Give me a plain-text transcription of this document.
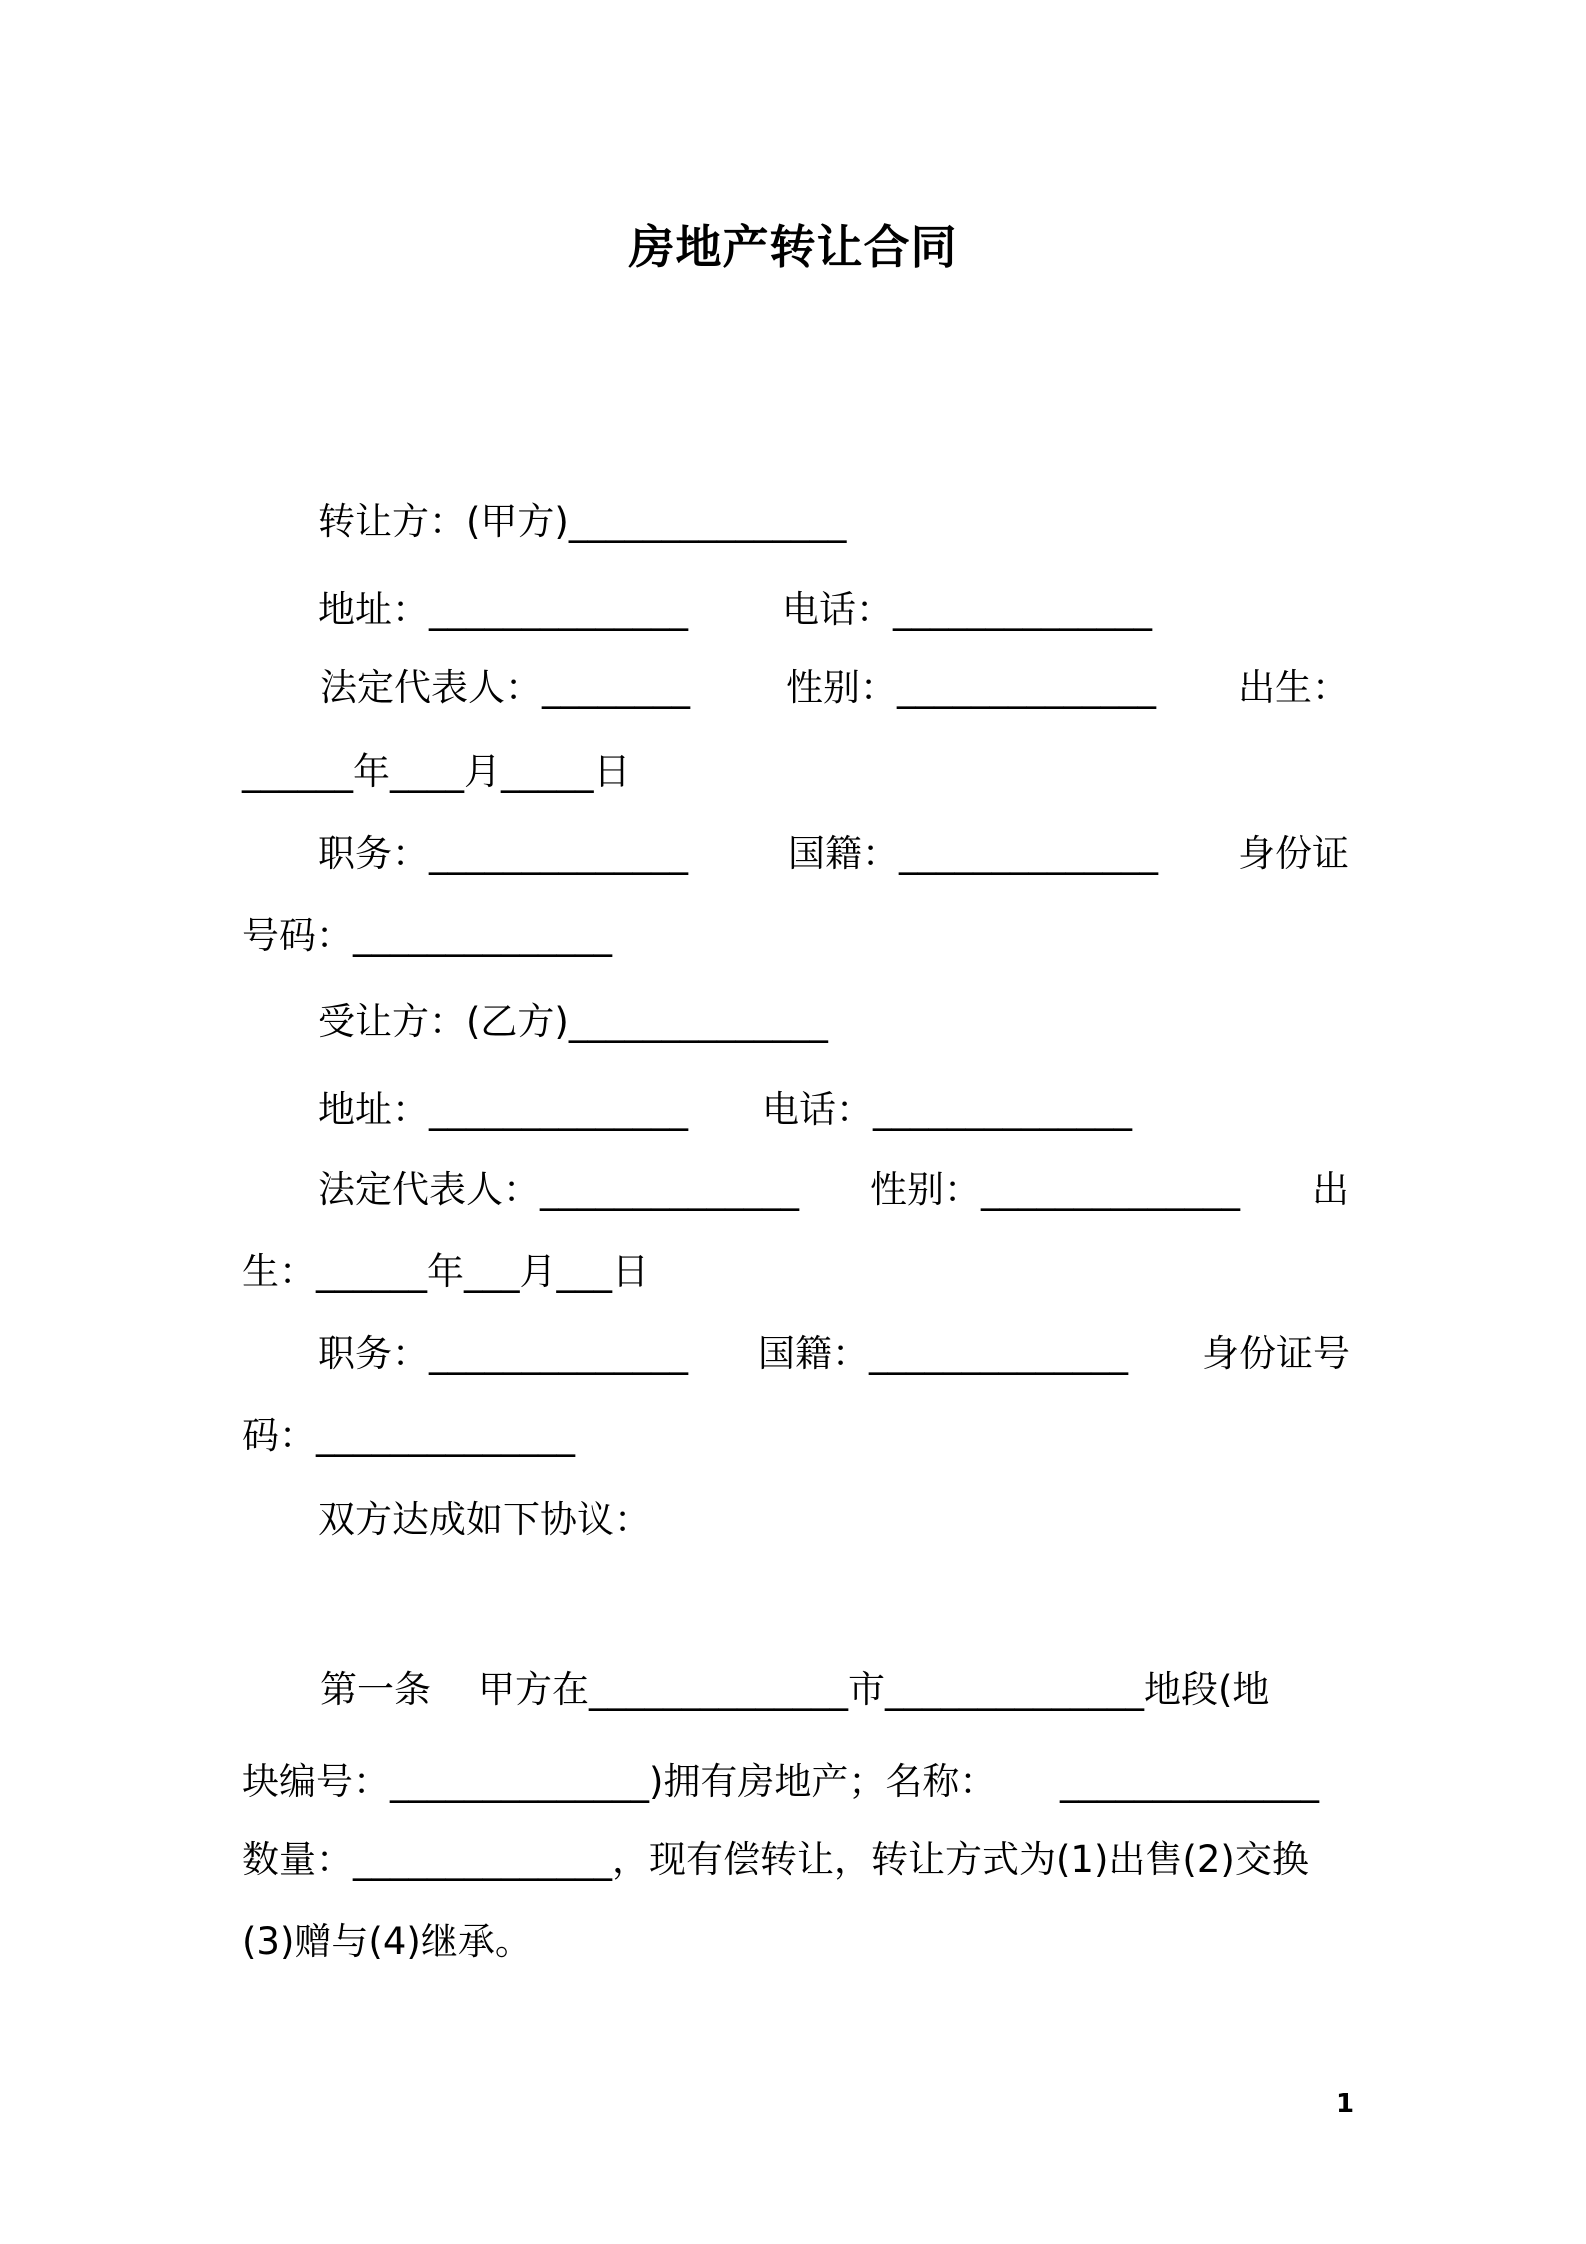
房地产转让合同

转让方：(甲方)_______________

地址：______________

	电话：______________

法定代表人：________

	性别：______________

出生：

______年____月_____日

职务：______________

	国籍：______________

身份证

号码：______________

受让方：(乙方)______________

地址：______________

电话：______________

法定代表人：______________

性别：______________

出

生：______年___月___日

职务：______________

国籍：______________

身份证号

码：______________

双方达成如下协议：

第一条

甲方在______________市______________地段(地

块编号：______________)拥有房地产；名称：

______________

数量：______________，现有偿转让，转让方式为(1)出售(2)交换

(3)赠与(4)继承。

1
